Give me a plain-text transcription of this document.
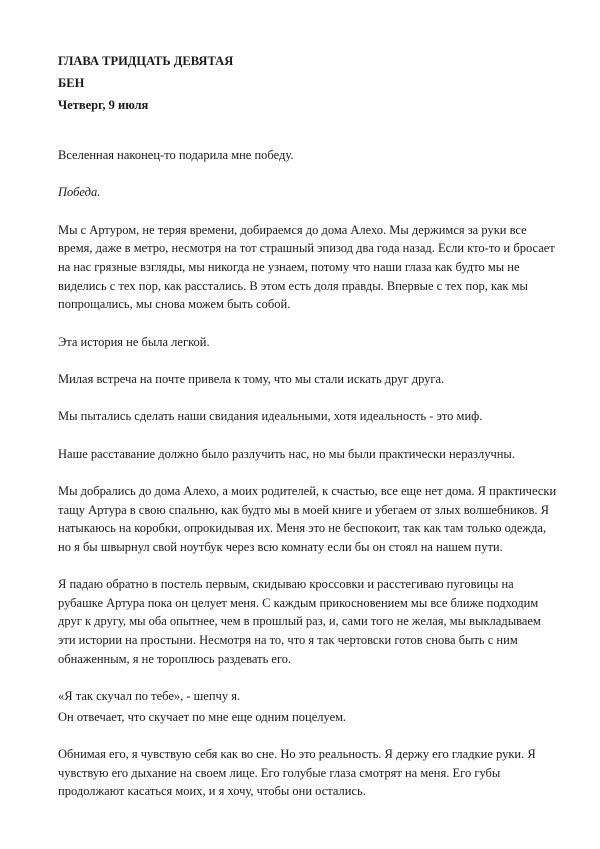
ГЛАВА ТРИДЦАТЬ ДЕВЯТАЯ
БЕН
Четверг, 9 июля
Вселенная наконец-то подарила мне победу.
Победа.
Мы с Артуром, не теряя времени, добираемся до дома Алехо. Мы держимся за руки все
время, даже в метро, несмотря на тот страшный эпизод два года назад. Если кто-то и бросает
на нас грязные взгляды, мы никогда не узнаем, потому что наши глаза как будто мы не
виделись с тех пор, как расстались. В этом есть доля правды. Впервые с тех пор, как мы
попрощались, мы снова можем быть собой.
Эта история не была легкой.
Милая встреча на почте привела к тому, что мы стали искать друг друга.
Мы пытались сделать наши свидания идеальными, хотя идеальность - это миф.
Наше расставание должно было разлучить нас, но мы были практически неразлучны.
Мы добрались до дома Алехо, а моих родителей, к счастью, все еще нет дома. Я практически
тащу Артура в свою спальню, как будто мы в моей книге и убегаем от злых волшебников. Я
натыкаюсь на коробки, опрокидывая их. Меня это не беспокоит, так как там только одежда,
но я бы швырнул свой ноутбук через всю комнату если бы он стоял на нашем пути.
Я падаю обратно в постель первым, скидываю кроссовки и расстегиваю пуговицы на
рубашке Артура пока он целует меня. С каждым прикосновением мы все ближе подходим
друг к другу, мы оба опытнее, чем в прошлый раз, и, сами того не желая, мы выкладываем
эти истории на простыни. Несмотря на то, что я так чертовски готов снова быть с ним
обнаженным, я не тороплюсь раздевать его.
«Я так скучал по тебе», - шепчу я.
Он отвечает, что скучает по мне еще одним поцелуем.
Обнимая его, я чувствую себя как во сне. Но это реальность. Я держу его гладкие руки. Я
чувствую его дыхание на своем лице. Его голубые глаза смотрят на меня. Его губы
продолжают касаться моих, и я хочу, чтобы они остались.
